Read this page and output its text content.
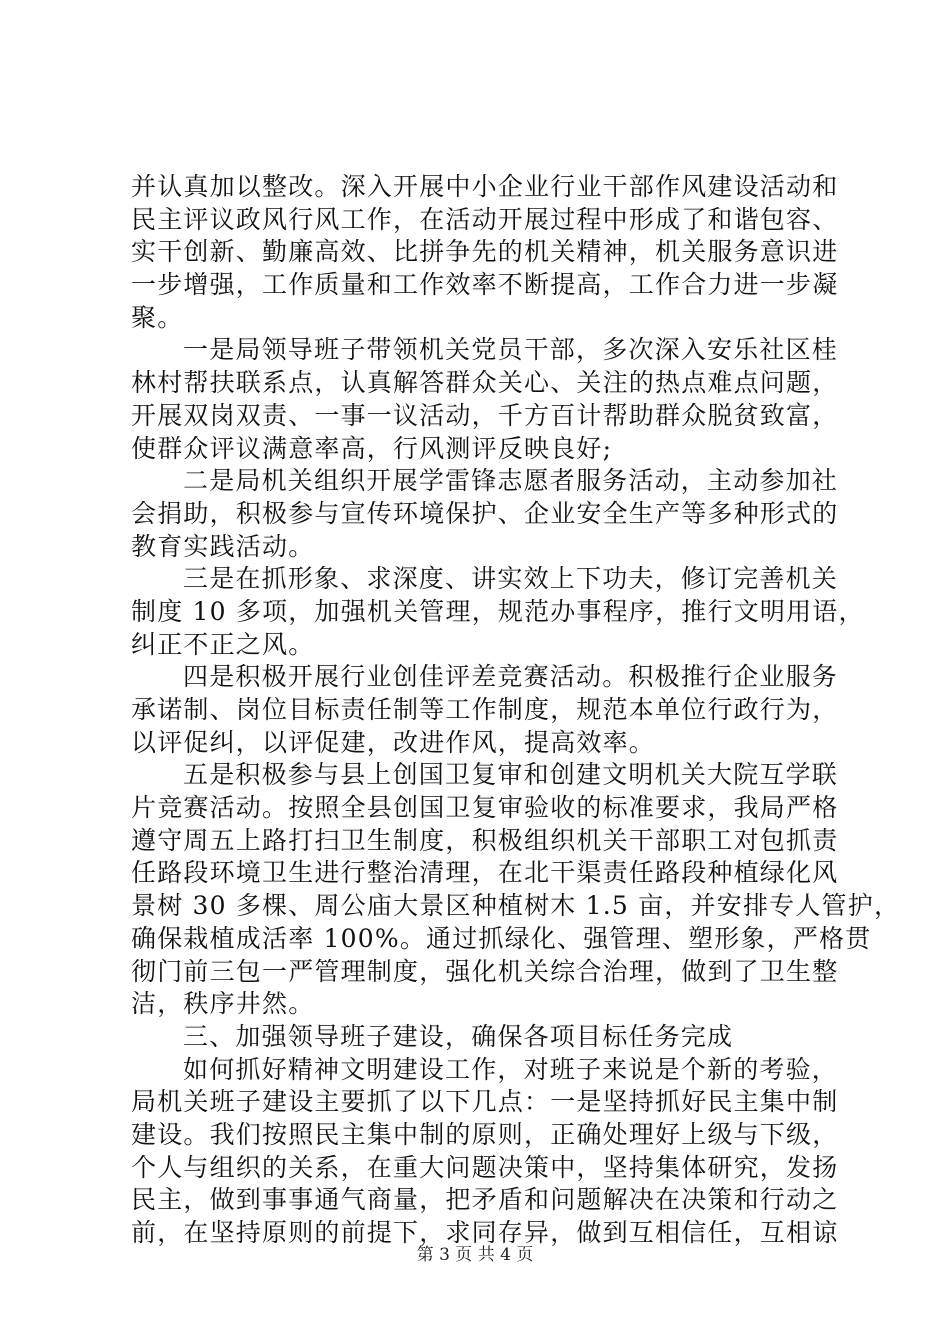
并认真加以整改。深入开展中小企业行业干部作风建设活动和
民主评议政风行风工作，在活动开展过程中形成了和谐包容、
实干创新、勤廉高效、比拼争先的机关精神，机关服务意识进
一步增强，工作质量和工作效率不断提高，工作合力进一步凝
聚。
一是局领导班子带领机关党员干部，多次深入安乐社区桂
林村帮扶联系点，认真解答群众关心、关注的热点难点问题，
开展双岗双责、一事一议活动，千方百计帮助群众脱贫致富，
使群众评议满意率高，行风测评反映良好;
二是局机关组织开展学雷锋志愿者服务活动，主动参加社
会捐助，积极参与宣传环境保护、企业安全生产等多种形式的
教育实践活动。
三是在抓形象、求深度、讲实效上下功夫，修订完善机关
制度 10 多项，加强机关管理，规范办事程序，推行文明用语，
纠正不正之风。
四是积极开展行业创佳评差竞赛活动。积极推行企业服务
承诺制、岗位目标责任制等工作制度，规范本单位行政行为，
以评促纠，以评促建，改进作风，提高效率。
五是积极参与县上创国卫复审和创建文明机关大院互学联
片竞赛活动。按照全县创国卫复审验收的标准要求，我局严格
遵守周五上路打扫卫生制度，积极组织机关干部职工对包抓责
任路段环境卫生进行整治清理，在北干渠责任路段种植绿化风
景树 30 多棵、周公庙大景区种植树木 1.5 亩，并安排专人管护，
确保栽植成活率 100%。通过抓绿化、强管理、塑形象，严格贯
彻门前三包一严管理制度，强化机关综合治理，做到了卫生整
洁，秩序井然。
三、加强领导班子建设，确保各项目标任务完成
如何抓好精神文明建设工作，对班子来说是个新的考验，
局机关班子建设主要抓了以下几点：一是坚持抓好民主集中制
建设。我们按照民主集中制的原则，正确处理好上级与下级，
个人与组织的关系，在重大问题决策中，坚持集体研究，发扬
民主，做到事事通气商量，把矛盾和问题解决在决策和行动之
前，在坚持原则的前提下，求同存异，做到互相信任，互相谅
第 3 页 共 4 页
